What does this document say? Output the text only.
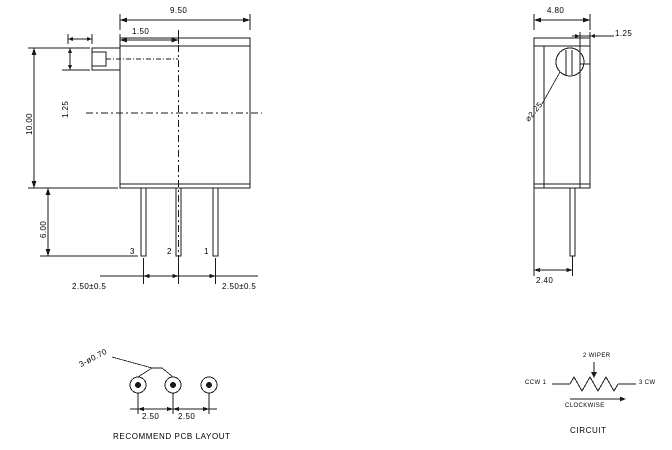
9.50
1.50
10.00
1.25
6.00
3	2	1
2.50±0.5	2.50±0.5
4.80
1.25
⌀2.25
2.40
3-ø0.70
2.50 2.50
RECOMMEND PCB LAYOUT
2 WIPER
CCW 1	3 CW
CLOCKWISE
CIRCUIT
